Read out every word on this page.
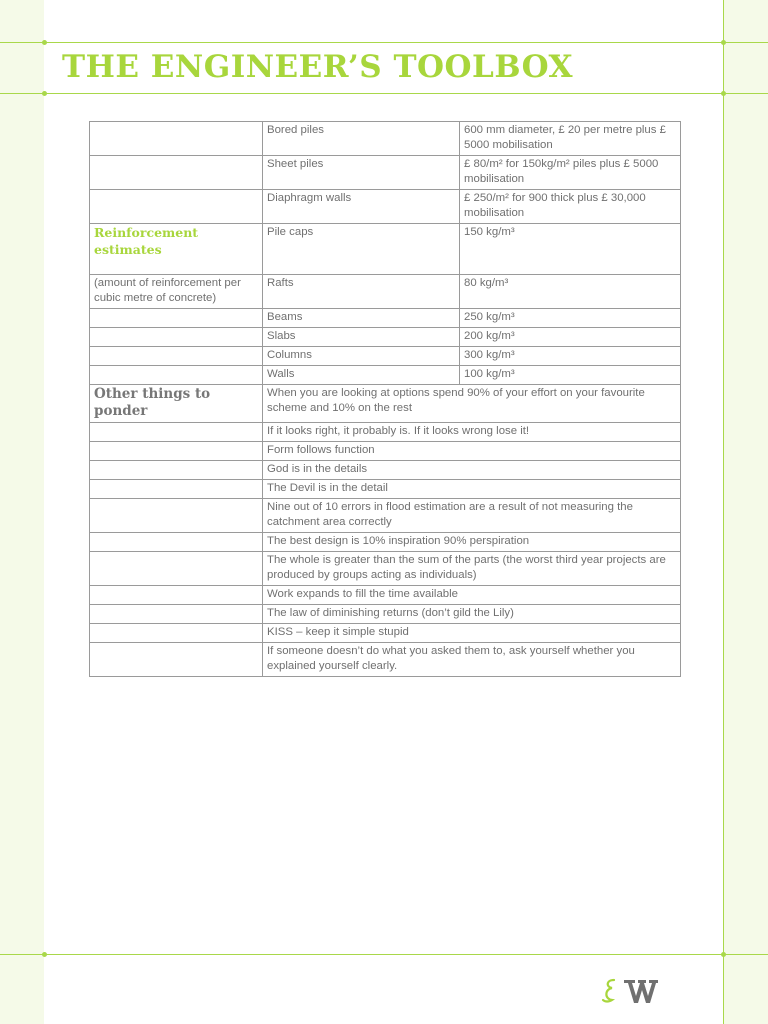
THE ENGINEER’S TOOLBOX
	Bored piles	600 mm diameter, £ 20 per metre plus £ 5000 mobilisation
	Sheet piles	£ 80/m² for 150kg/m² piles plus £ 5000 mobilisation
	Diaphragm walls	£ 250/m² for 900 thick plus £ 30,000 mobilisation
Reinforcement estimates	Pile caps	150 kg/m³
(amount of reinforcement per cubic metre of concrete)	Rafts	80 kg/m³
	Beams	250 kg/m³
	Slabs	200 kg/m³
	Columns	300 kg/m³
	Walls	100 kg/m³
Other things to ponder	When you are looking at options spend 90% of your effort on your favourite scheme and 10% on the rest	
	If it looks right, it probably is. If it looks wrong lose it!	
	Form follows function	
	God is in the details	
	The Devil is in the detail	
	Nine out of 10 errors in flood estimation are a result of not measuring the catchment area correctly	
	The best design is 10% inspiration 90% perspiration	
	The whole is greater than the sum of the parts (the worst third year projects are produced by groups acting as individuals)	
	Work expands to fill the time available	
	The law of diminishing returns (don’t gild the Lily)	
	KISS – keep it simple stupid	
	If someone doesn’t do what you asked them to, ask yourself whether you explained yourself clearly.	
